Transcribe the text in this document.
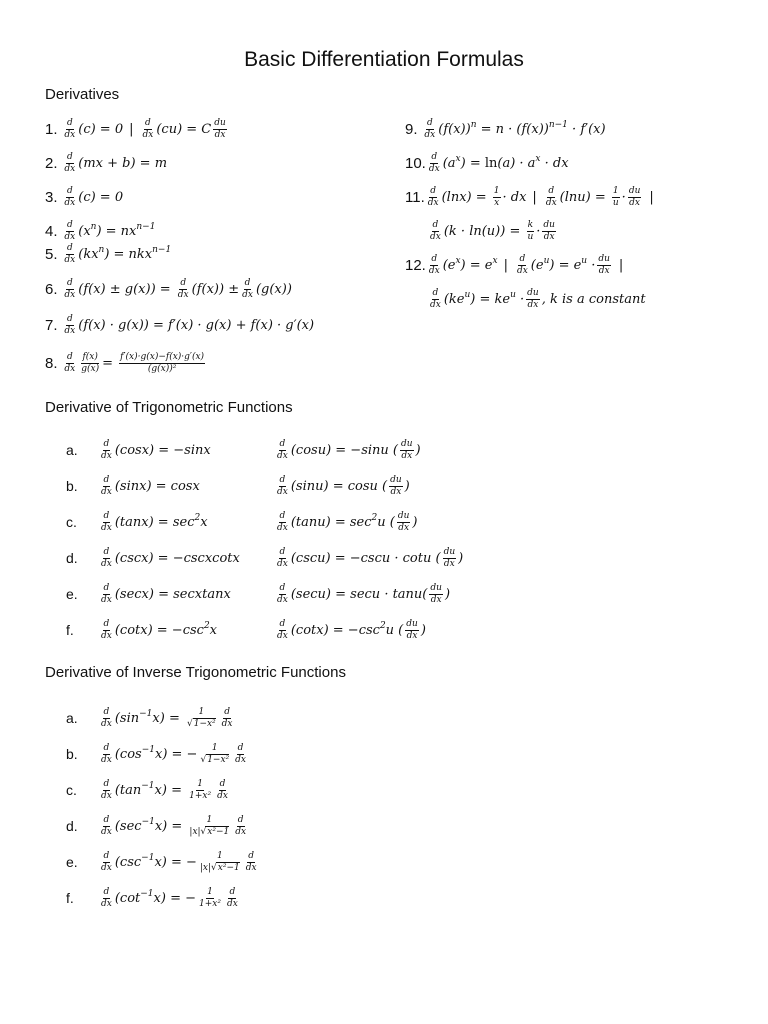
Basic Differentiation Formulas
Derivatives
1.
$\frac{d}{dx} (c) = 0$ | $\frac{d}{dx} (cu) = C \frac{du}{dx}$
2.
$\frac{d}{dx} (mx + b) = m$
3.
$\frac{d}{dx} (c) = 0$
4.
$\frac{d}{dx} (x^n) = nx^{n-1}$
5.
$\frac{d}{dx} (kx^n) = nkx^{n-1}$
6.
$\frac{d}{dx} (f(x) \pm g(x)) = \frac{d}{dx} (f(x)) \pm \frac{d}{dx} (g(x))$
7.
$\frac{d}{dx} (f(x) \cdot g(x)) = f'(x) \cdot g(x) + f(x) \cdot g'(x)$
8.
$\frac{d}{dx} \frac{f(x)}{g(x)} = \frac{f'(x)\cdot g(x)-f(x)\cdot g'(x)}{\text{(g(x))²}}$
9.
$\frac{d}{dx} (f(x))^n = n \cdot (f(x))^{n-1} \cdot f'(x)$
10. $\frac{d}{dx} (a^x) = \ln(a) \cdot a^x$ · dx
11. $\frac{d}{dx} (\ln x) = \frac{1}{x}$ · dx | $\frac{d}{dx} (\ln u) = \frac{1}{u} \cdot \frac{du}{dx}$ |
$\frac{d}{dx} (k \cdot \ln(u)) = \frac{k}{u} \cdot \frac{du}{dx}$
12. $\frac{d}{dx} (e^x) = e^x$ | $\frac{d}{dx} (e^u) = e^u \cdot \frac{du}{dx}$ |
$\frac{d}{dx} (ke^u) = ke^u \cdot \frac{du}{dx}$ , k is a constant
Derivative of Trigonometric Functions
a.	$\frac{d}{dx} (\cos x) = -\sin x$	$\frac{d}{dx} (\cos u) = -\sin u$ ( $\frac{du}{dx}$ )
b.	$\frac{d}{dx} (\sin x) = \cos x$	$\frac{d}{dx} (\sin u) = \cos u$ ( $\frac{du}{dx}$ )
c.	$\frac{d}{dx} (\tan x) = \sec^2x$	$\frac{d}{dx} (\tan u) = \sec^2u$ ( $\frac{du}{dx}$ )
d.	$\frac{d}{dx} (\csc x)$ = −cscxcotx	$\frac{d}{dx} (\csc u) = -\csc u \cdot \cot u$ ( $\frac{du}{dx}$ )
e.	$\frac{d}{dx} (\sec x)$ = secxtanx	$\frac{d}{dx} (\sec u) = \sec u \cdot \tan u( \frac{du}{dx}$ )
f.	$\frac{d}{dx} (\cot x) = -\csc^2x$	$\frac{d}{dx} (\cot x) = -\csc^2u$ ( $\frac{du}{dx}$ )
Derivative of Inverse Trigonometric Functions
a.	$\frac{d}{dx} (\sin^{-1}x) = \frac{1}{\text{√1−x²}} \frac{d}{dx}$
b.	$\frac{d}{dx} (\cos^{-1}x)$ = − $\frac{1}{\text{√1−x²}} \frac{d}{dx}$
c.	$\frac{d}{dx} (\tan^{-1}x) = \frac{1}{\text{1+x²}} \frac{d}{dx}$
d.	$\frac{d}{dx} (\sec^{-1}x) = \frac{1}{\text{|x|√x²−1}} \frac{d}{dx}$
e.	$\frac{d}{dx} (\csc^{-1}x)$ = − $\frac{1}{\text{|x|√x²−1}} \frac{d}{dx}$
f.	$\frac{d}{dx} (\cot^{-1}x)$ = − $\frac{1}{\text{1+x²}} \frac{d}{dx}$
